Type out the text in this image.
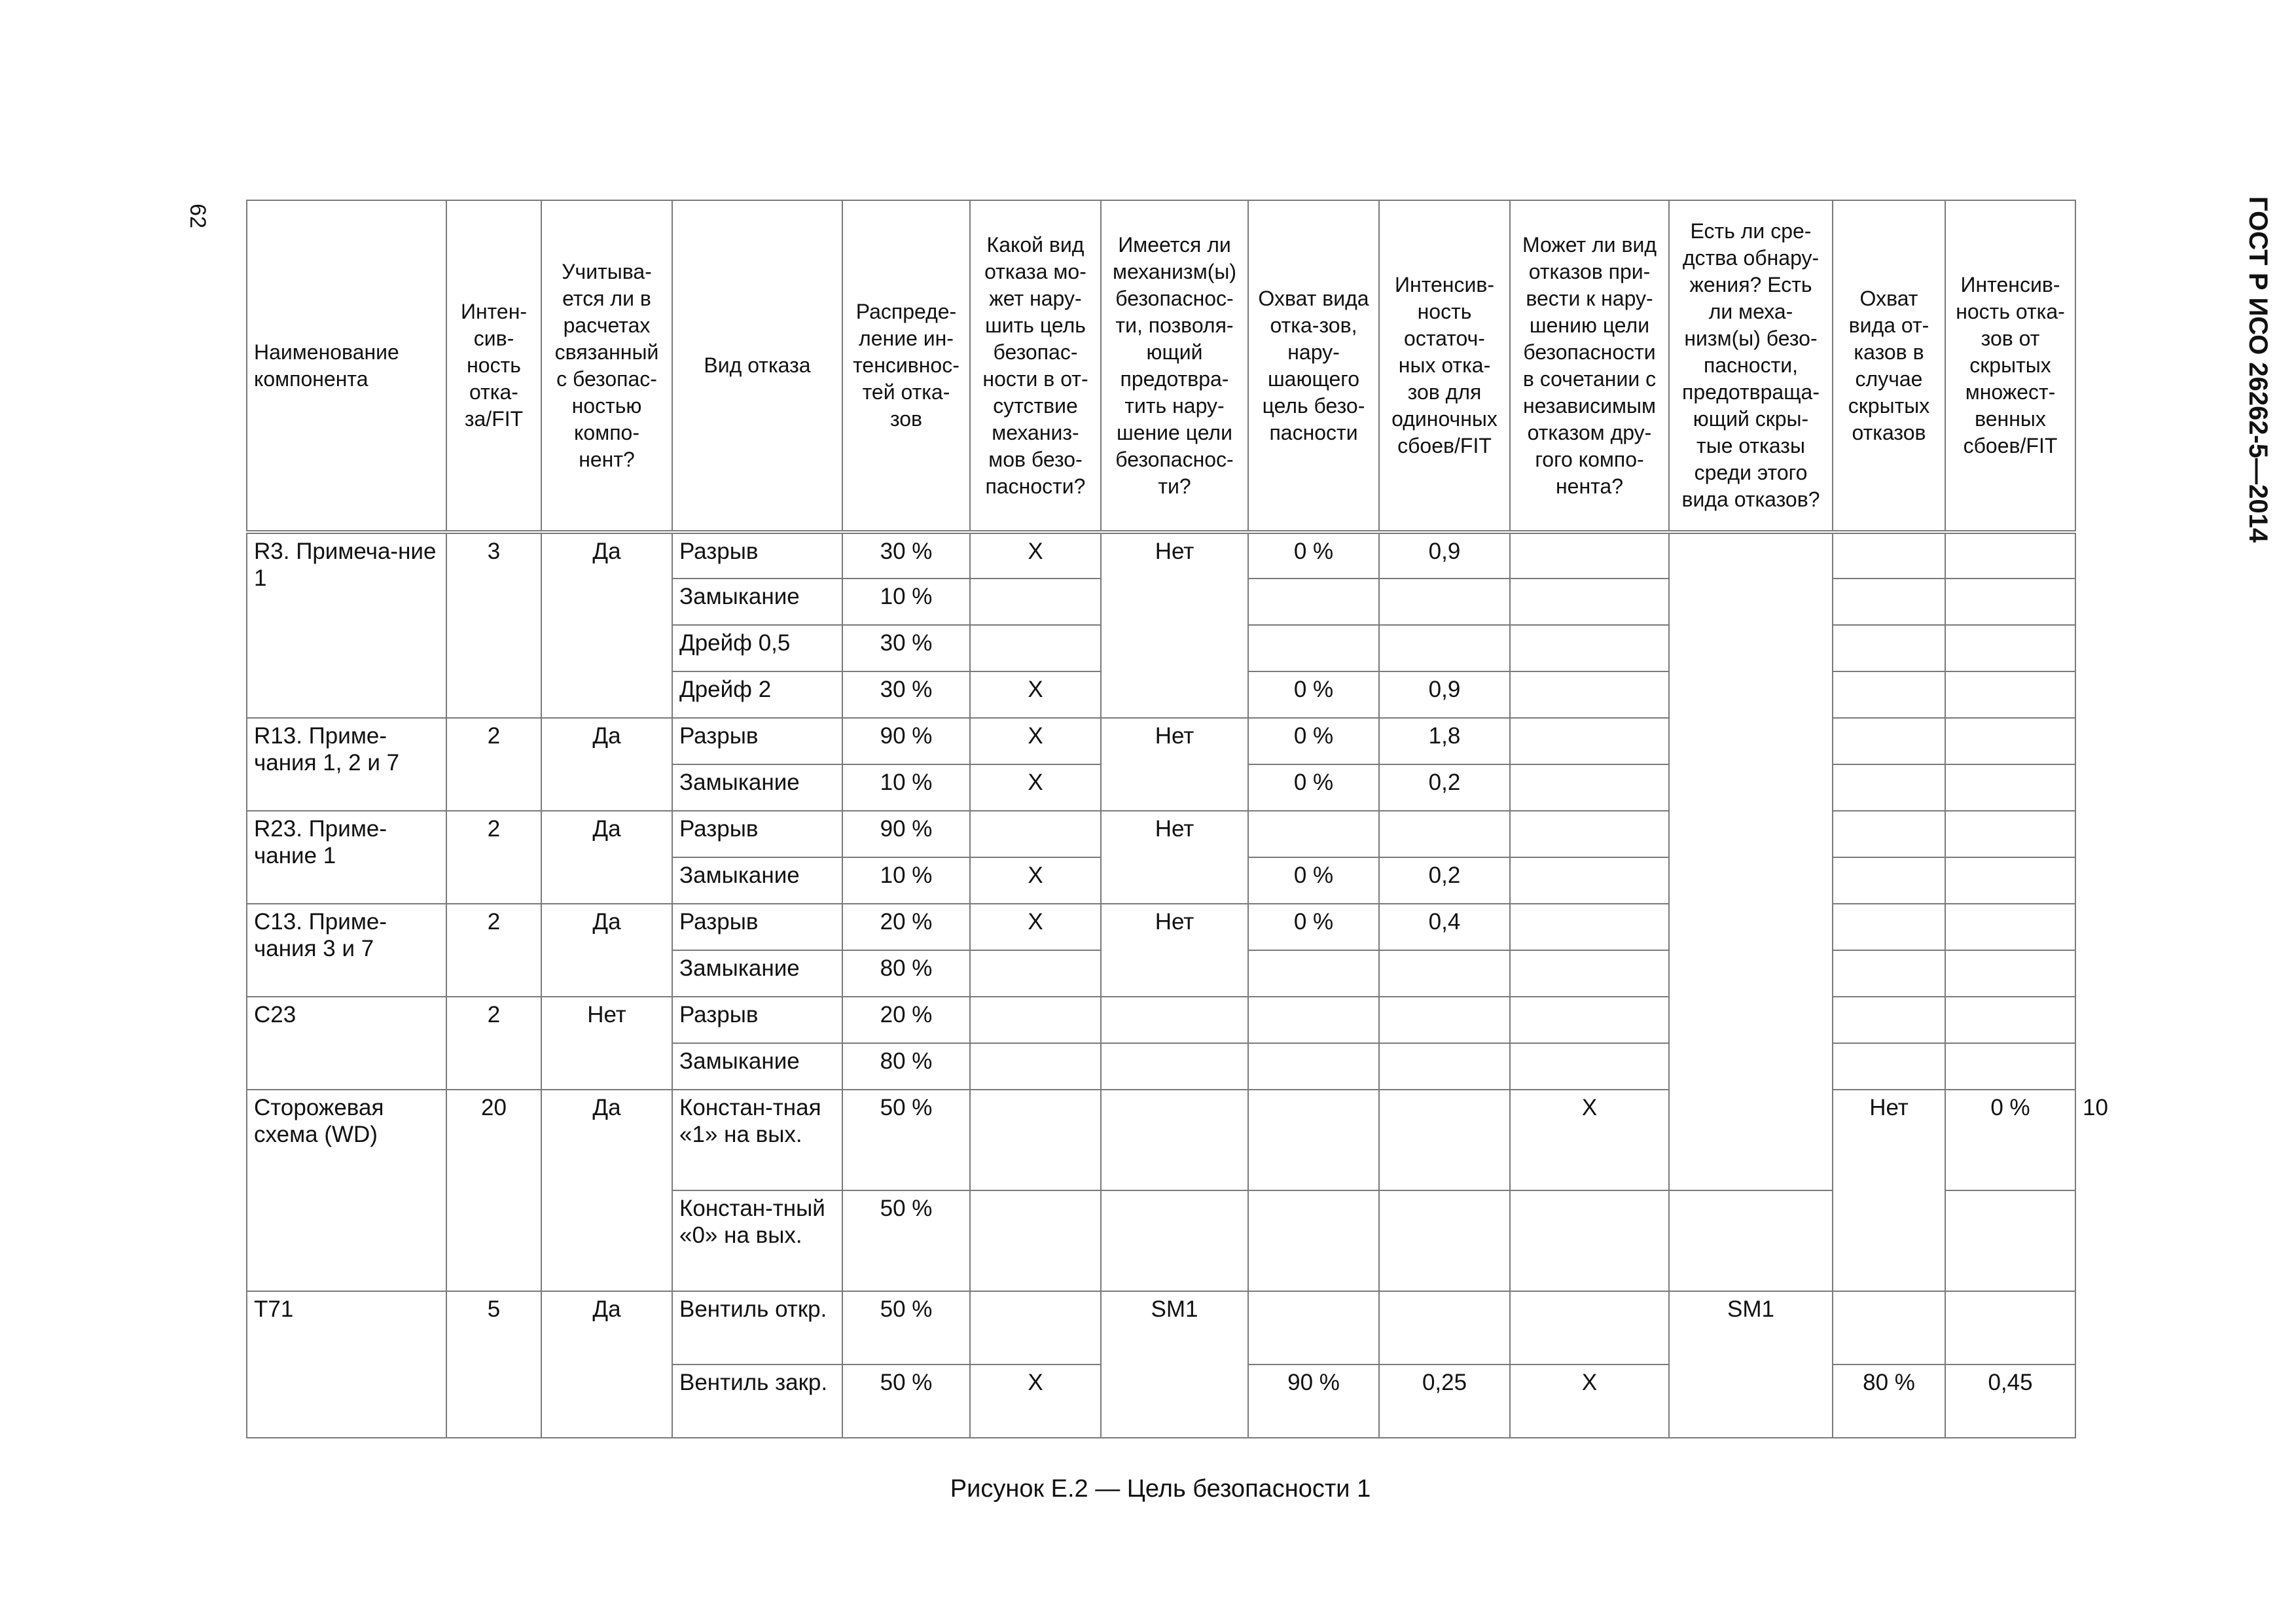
62	ГОСТ Р ИСО 26262-5—2014
Наименование компонента	Интен-сив-ность отка-за/FIT	Учитыва-ется ли в расчетах связанный с безопас-ностью компо-нент?	Вид отказа	Распреде-ление ин-тенсивнос-тей отка-зов	Какой вид отказа мо-жет нару-шить цель безопас-ности в от-сутствие механиз-мов безо-пасности?	Имеется ли механизм(ы) безопаснос-ти, позволя-ющий предотвра-тить нару-шение цели безопаснос-ти?	Охват вида отка-зов, нару-шающего цель безо-пасности	Интенсив-ность остаточ-ных отка-зов для одиночных сбоев/FIT	Может ли вид отказов при-вести к нару-шению цели безопасности в сочетании с независимым отказом дру-гого компо-нента?	Есть ли сре-дства обнару-жения? Есть ли меха-низм(ы) безо-пасности, предотвраща-ющий скры-тые отказы среди этого вида отказов?	Охват вида от-казов в случае скрытых отказов	Интенсив-ность отка-зов от скрытых множест-венных сбоев/FIT	
R3. Примеча-ние 1	3	Да	Разрыв	30 %	X	Нет	0 %	0,9					
			Замыкание	10 %									
			Дрейф 0,5	30 %									
			Дрейф 2	30 %	X		0 %	0,9					
R13. Приме-чания 1, 2 и 7	2	Да	Разрыв	90 %	X	Нет	0 %	1,8					
			Замыкание	10 %	X		0 %	0,2					
R23. Приме-чание 1	2	Да	Разрыв	90 %		Нет							
			Замыкание	10 %	X		0 %	0,2					
C13. Приме-чания 3 и 7	2	Да	Разрыв	20 %	X	Нет	0 %	0,4					
			Замыкание	80 %									
C23	2	Нет	Разрыв	20 %									
			Замыкание	80 %									
Сторожевая схема (WD)	20	Да	Констан-тная «1» на вых.	50 %					X		Нет	0 %	10
			Констан-тный «0» на вых.	50 %									
T71	5	Да	Вентиль откр.	50 %		SM1				SM1			
			Вентиль закр.	50 %	X		90 %	0,25	X		80 %	0,45	
Рисунок E.2 — Цель безопасности 1
